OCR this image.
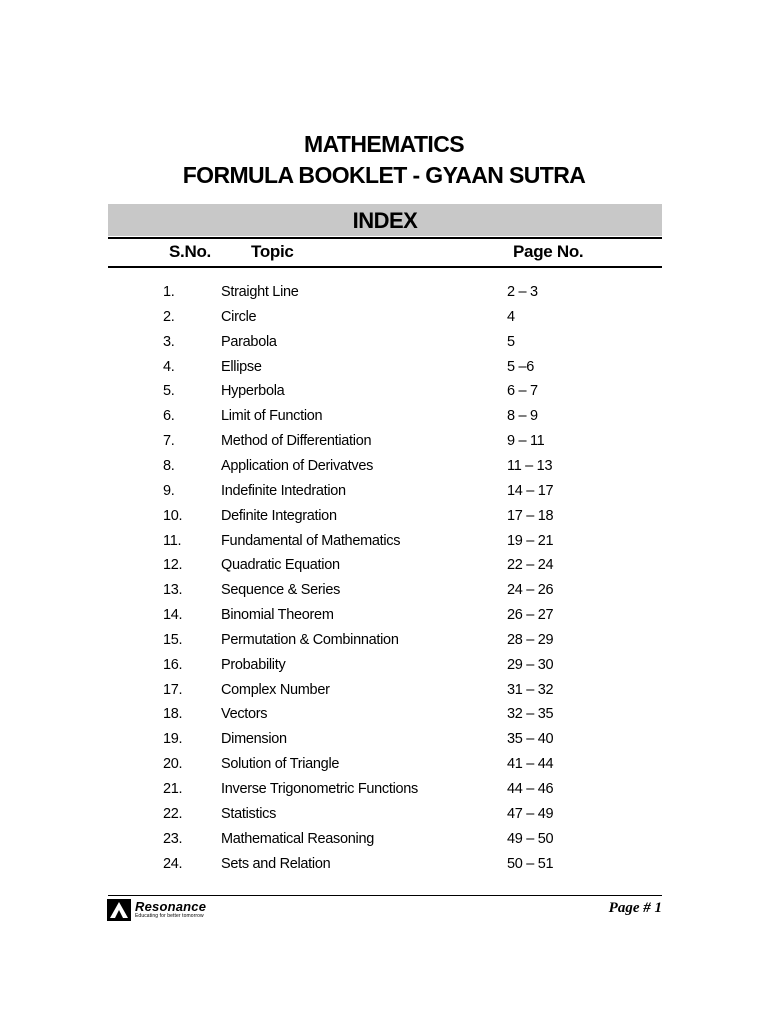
MATHEMATICS
FORMULA BOOKLET - GYAAN SUTRA
INDEX
S.No. Topic	Page No.
1.	Straight Line	2 – 3
2.	Circle	4
3.	Parabola	5
4.	Ellipse	5 –6
5.	Hyperbola	6 – 7
6.	Limit of Function	8 – 9
7.	Method of Differentiation	9 – 11
8.	Application of Derivatves	11 – 13
9.	Indefinite Intedration	14 – 17
10.	Definite Integration	17 – 18
11.	Fundamental of Mathematics	19 – 21
12.	Quadratic Equation	22 – 24
13.	Sequence & Series	24 – 26
14.	Binomial Theorem	26 – 27
15.	Permutation & Combinnation	28 – 29
16.	Probability	29 – 30
17.	Complex Number	31 – 32
18.	Vectors	32 – 35
19.	Dimension	35 – 40
20.	Solution of Triangle	41 – 44
21.	Inverse Trigonometric Functions	44 – 46
22.	Statistics	47 – 49
23.	Mathematical Reasoning	49 – 50
24.	Sets and Relation	50 – 51
Resonance
Educating for better tomorrow	Page # 1
